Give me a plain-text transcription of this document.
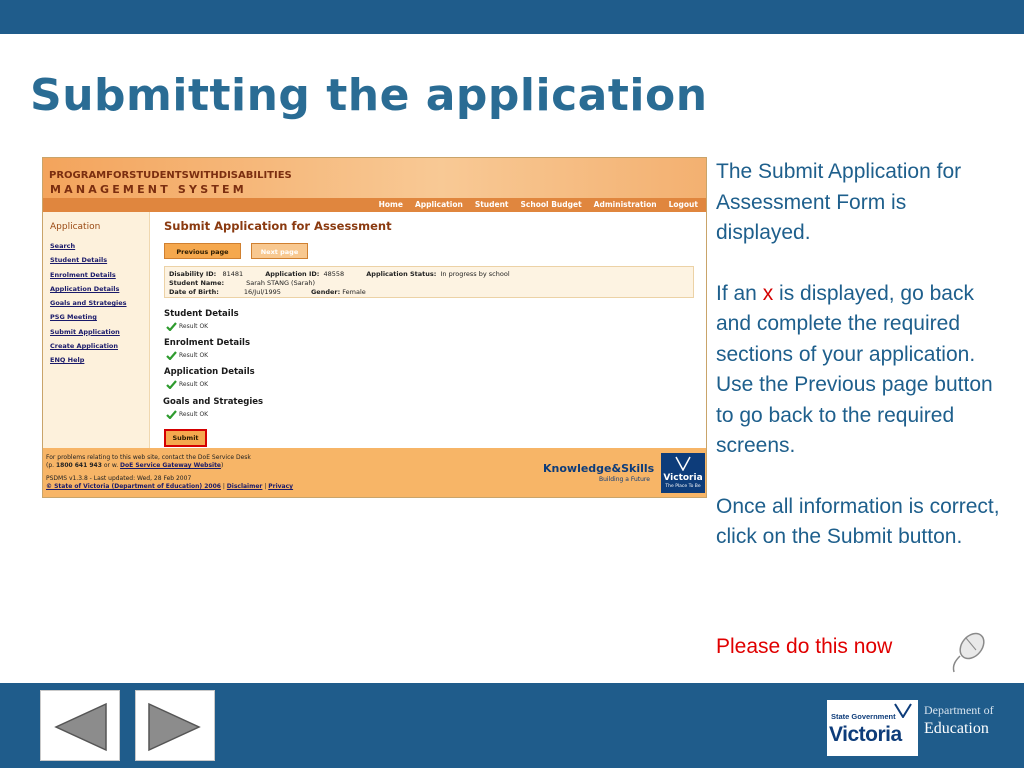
Submitting the application
PROGRAMFORSTUDENTSWITHDISABILITIES
MANAGEMENT SYSTEM
Home Application Student School Budget Administration Logout
Application
Search
Student Details
Enrolment Details
Application Details
Goals and Strategies
PSG Meeting
Submit Application
Create Application
ENQ Help
Submit Application for Assessment
Previous page	Next page
Disability ID: 81481	Application ID: 48558	Application Status: In progress by school
Student Name:	Sarah STANG (Sarah)
Date of Birth:	16/Jul/1995	Gender: Female
Student Details
Result OK
Enrolment Details
Result OK
Application Details
Result OK
Goals and Strategies
Result OK
Submit
For problems relating to this web site, contact the DoE Service Desk
(p. 1800 641 943 or w. DoE Service Gateway Website)
PSDMS v1.3.8 - Last updated: Wed, 28 Feb 2007
© State of Victoria (Department of Education) 2006 | Disclaimer | Privacy
Knowledge&Skills
Building a Future Victoria
The Place To Be

The Submit Application for Assessment Form is displayed.

If an x is displayed, go back and complete the required sections of your application. Use the Previous page button to go back to the required screens.

Once all information is correct, click on the Submit button.

Please do this now
State Government
Victoria
Department of
Education
